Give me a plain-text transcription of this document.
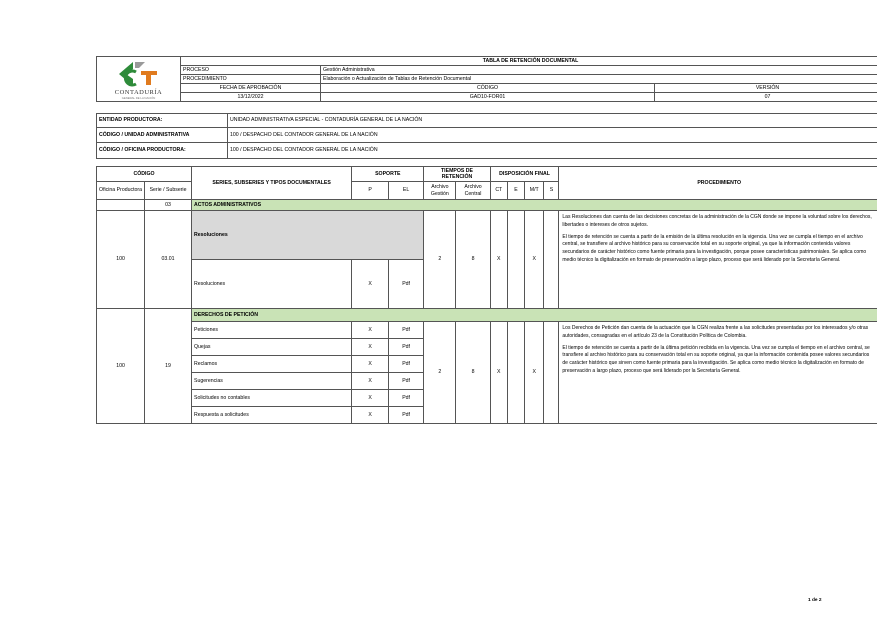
CONTADURÍA
GENERAL DE LA NACIÓN	TABLA DE RETENCIÓN DOCUMENTAL		
	PROCESO	Gestión Administrativa	
	PROCEDIMIENTO	Elaboración o Actualización de Tablas de Retención Documental	
	FECHA DE APROBACIÓN	CÓDIGO	VERSIÓN
	13/12/2022	GAD10-FOR01	07
ENTIDAD PRODUCTORA:	UNIDAD ADMINISTRATIVA ESPECIAL - CONTADURÍA GENERAL DE LA NACIÓN
CÓDIGO / UNIDAD ADMINISTRATIVA	100 / DESPACHO DEL CONTADOR GENERAL DE LA NACIÓN
CÓDIGO / OFICINA PRODUCTORA:	100 / DESPACHO DEL CONTADOR GENERAL DE LA NACIÓN
CÓDIGO		SERIES, SUBSERIES Y TIPOS DOCUMENTALES	SOPORTE		TIEMPOS DE RETENCIÓN		DISPOSICIÓN FINAL				PROCEDIMIENTO
Oficina Productora	Serie / Subserie		P	EL	Archivo Gestión	Archivo Central	CT	E	M/T	S	
	03	ACTOS ADMINISTRATIVOS									
100	03.01	Resoluciones			2	8	X		X		Las Resoluciones dan cuenta de las decisiones concretas de la administración de la CGN donde se impone la voluntad sobre los derechos, libertades o intereses de otros sujetos.

El tiempo de retención se cuenta a partir de la emisión de la última resolución en la vigencia. Una vez se cumpla el tiempo en el archivo central, se transfiere al archivo histórico para su conservación total en su soporte original, ya que la información contenida valores secundarios de carácter histórico como fuente primaria para la investigación, porque posee características patrimoniales. Se aplica como medio técnico la digitalización en formato de preservación a largo plazo, proceso que será liderado por la Secretaría General.

		Resoluciones	X	Pdf							
100	19	DERECHOS DE PETICIÓN									
		Peticiones	X	Pdf	2	8	X		X		Los Derechos de Petición dan cuenta de la actuación que la CGN realiza frente a las solicitudes presentadas por los interesados y/o otras autoridades, consagradas en el artículo 23 de la Constitución Política de Colombia.

El tiempo de retención se cuenta a partir de la última petición recibida en la vigencia. Una vez se cumpla el tiempo en el archivo central, se transfiere al archivo histórico para su conservación total en su soporte original, ya que la información contenida posee valores secundarios de carácter histórico que sirven como fuente primaria para la investigación. Se aplica como medio técnico la digitalización en formato de preservación a largo plazo, proceso que será liderado por la Secretaría General.

		Quejas	X	Pdf							
		Reclamos	X	Pdf							
		Sugerencias	X	Pdf							
		Solicitudes no contables	X	Pdf							
		Respuesta a solicitudes	X	Pdf							
1 de 2
